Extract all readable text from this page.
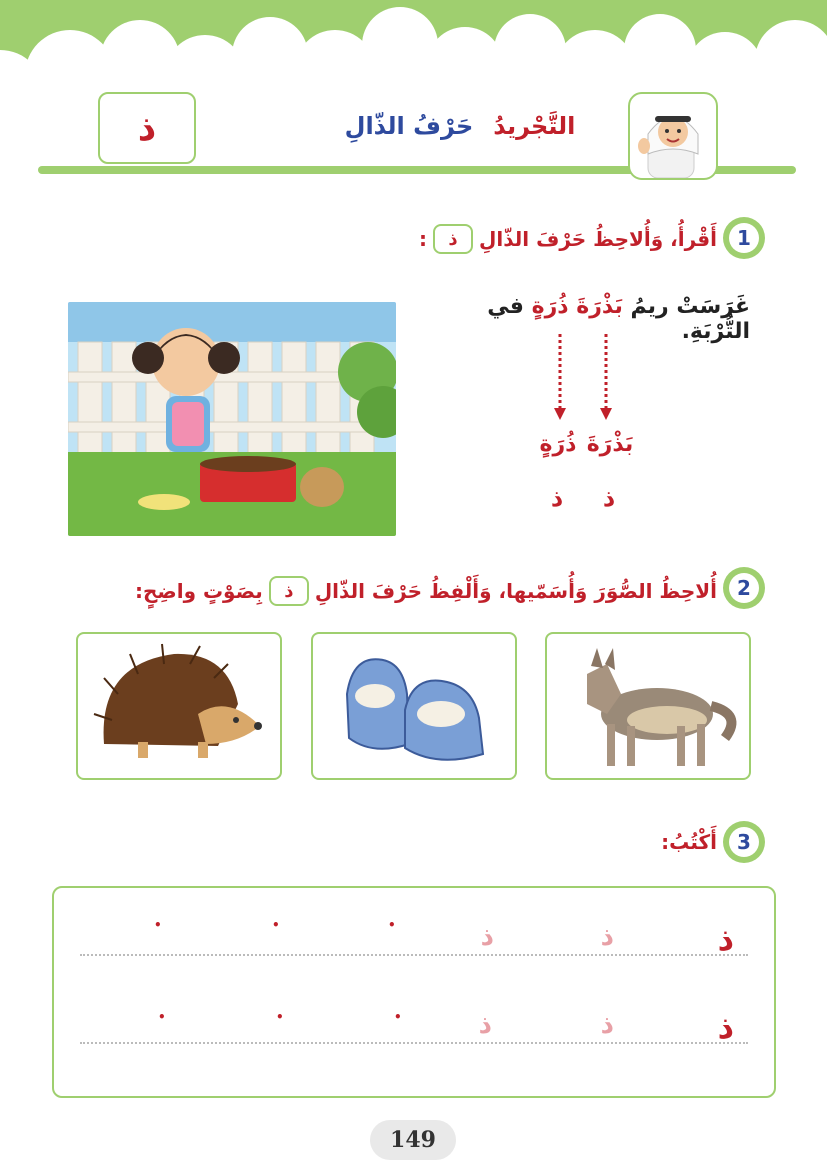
ذ	التَّجْريدُ
حَرْفُ الذّالِ
1
أَقْرأُ، وَأُلاحِظُ حَرْفَ الذّالِ
ذ
:
غَرَسَتْ ريمُ بَذْرَةَ ذُرَةٍ في التُّرْبَةِ.
بَذْرَةَ
ذُرَةٍ
ذ
ذ
2
أُلاحِظُ الصُّوَرَ وَأُسَمّيها، وَأَلْفِظُ حَرْفَ الذّالِ
ذ
بِصَوْتٍ واضِحٍ:
3
أَكْتُبُ:
ذ
ذ
ذ
•
•
•
ذ
ذ
ذ
•
•
•
149
